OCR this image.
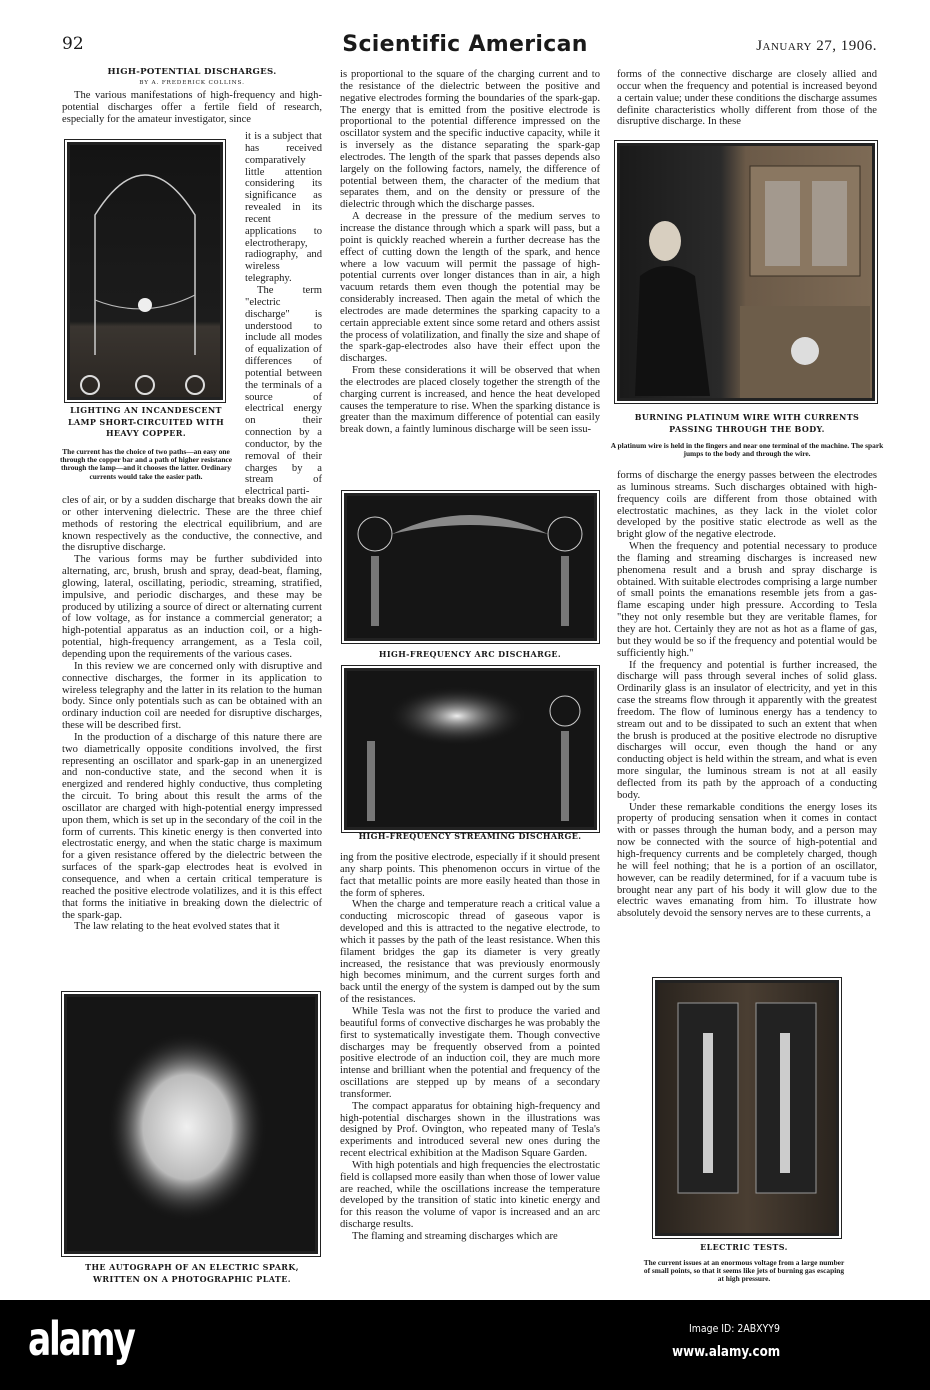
92	Scientific American	January 27, 1906.
HIGH-POTENTIAL DISCHARGES.
BY A. FREDERICK COLLINS.

The various manifestations of high-frequency and high-potential discharges offer a fertile field of research, especially for the amateur investigator, since

it is a subject that has received comparatively little attention considering its significance as revealed in its recent applications to electrotherapy, radiography, and wireless telegraphy.

The term "electric discharge" is understood to include all modes of equalization of differences of potential between the terminals of a source of electrical energy on their connection by a conductor, by the removal of their charges by a stream of electrical parti-

LIGHTING AN INCANDESCENT LAMP SHORT-CIRCUITED WITH HEAVY COPPER.
The current has the choice of two paths—an easy one through the copper bar and a path of higher resistance through the lamp—and it chooses the latter. Ordinary currents would take the easier path.

cles of air, or by a sudden discharge that breaks down the air or other intervening dielectric. These are the three chief methods of restoring the electrical equilibrium, and are known respectively as the conductive, the connective, and the disruptive discharge.

The various forms may be further subdivided into alternating, arc, brush, brush and spray, dead-beat, flaming, glowing, lateral, oscillating, periodic, streaming, stratified, impulsive, and periodic discharges, and these may be produced by utilizing a source of direct or alternating current of low voltage, as for instance a commercial generator; a high-potential apparatus as an induction coil, or a high-potential, high-frequency arrangement, as a Tesla coil, depending upon the requirements of the various cases.

In this review we are concerned only with disruptive and connective discharges, the former in its application to wireless telegraphy and the latter in its relation to the human body. Since only potentials such as can be obtained with an ordinary induction coil are needed for disruptive discharges, these will be described first.

In the production of a discharge of this nature there are two diametrically opposite conditions involved, the first representing an oscillator and spark-gap in an unenergized and non-conductive state, and the second when it is energized and rendered highly conductive, thus completing the circuit. To bring about this result the arms of the oscillator are charged with high-potential energy impressed upon them, which is set up in the secondary of the coil in the form of currents. This kinetic energy is then converted into electrostatic energy, and when the static charge is maximum for a given resistance offered by the dielectric between the surfaces of the spark-gap electrodes heat is evolved in consequence, and when a certain critical temperature is reached the positive electrode volatilizes, and it is this effect that forms the initiative in breaking down the dielectric of the spark-gap.

The law relating to the heat evolved states that it

THE AUTOGRAPH OF AN ELECTRIC SPARK, WRITTEN ON A PHOTOGRAPHIC PLATE.

is proportional to the square of the charging current and to the resistance of the dielectric between the positive and negative electrodes forming the boundaries of the spark-gap. The energy that is emitted from the positive electrode is proportional to the potential difference impressed on the oscillator system and the specific inductive capacity, while it is inversely as the distance separating the spark-gap electrodes. The length of the spark that passes depends also largely on the following factors, namely, the difference of potential between them, the character of the medium that separates them, and on the density or pressure of the dielectric through which the discharge passes.

A decrease in the pressure of the medium serves to increase the distance through which a spark will pass, but a point is quickly reached wherein a further decrease has the effect of cutting down the length of the spark, and hence where a low vacuum will permit the passage of high-potential currents over longer distances than in air, a high vacuum retards them even though the potential may be considerably increased. Then again the metal of which the electrodes are made determines the sparking capacity to a certain appreciable extent since some retard and others assist the process of volatilization, and finally the size and shape of the spark-gap-electrodes also have their effect upon the discharges.

From these considerations it will be observed that when the electrodes are placed closely together the strength of the charging current is increased, and hence the heat developed causes the temperature to rise. When the sparking distance is greater than the maximum difference of potential can easily break down, a faintly luminous discharge will be seen issu-

HIGH-FREQUENCY ARC DISCHARGE.
HIGH-FREQUENCY STREAMING DISCHARGE.

ing from the positive electrode, especially if it should present any sharp points. This phenomenon occurs in virtue of the fact that metallic points are more easily heated than those in the form of spheres.

When the charge and temperature reach a critical value a conducting microscopic thread of gaseous vapor is developed and this is attracted to the negative electrode, to which it passes by the path of the least resistance. When this filament bridges the gap its diameter is very greatly increased, the resistance that was previously enormously high becomes minimum, and the current surges forth and back until the energy of the system is damped out by the sum of the resistances.

While Tesla was not the first to produce the varied and beautiful forms of convective discharges he was probably the first to systematically investigate them. Though convective discharges may be frequently observed from a pointed positive electrode of an induction coil, they are much more intense and brilliant when the potential and frequency of the oscillations are stepped up by means of a secondary transformer.

The compact apparatus for obtaining high-frequency and high-potential discharges shown in the illustrations was designed by Prof. Ovington, who repeated many of Tesla's experiments and introduced several new ones during the recent electrical exhibition at the Madison Square Garden.

With high potentials and high frequencies the electrostatic field is collapsed more easily than when those of lower value are reached, while the oscillations increase the temperature developed by the transition of static into kinetic energy and for this reason the volume of vapor is increased and an arc discharge results.

The flaming and streaming discharges which are

forms of the connective discharge are closely allied and occur when the frequency and potential is increased beyond a certain value; under these conditions the discharge assumes definite characteristics wholly different from those of the disruptive discharge. In these

BURNING PLATINUM WIRE WITH CURRENTS PASSING THROUGH THE BODY.
A platinum wire is held in the fingers and near one terminal of the machine. The spark jumps to the body and through the wire.

forms of discharge the energy passes between the electrodes as luminous streams. Such discharges obtained with high-frequency coils are different from those obtained with electrostatic machines, as they lack in the violet color developed by the positive static electrode as well as the bright glow of the negative electrode.

When the frequency and potential necessary to produce the flaming and streaming discharges is increased new phenomena result and a brush and spray discharge is obtained. With suitable electrodes comprising a large number of small points the emanations resemble jets from a gas-flame escaping under high pressure. According to Tesla "they not only resemble but they are veritable flames, for they are hot. Certainly they are not as hot as a flame of gas, but they would be so if the frequency and potential would be sufficiently high."

If the frequency and potential is further increased, the discharge will pass through several inches of solid glass. Ordinarily glass is an insulator of electricity, and yet in this case the streams flow through it apparently with the greatest freedom. The flow of luminous energy has a tendency to stream out and to be dissipated to such an extent that when the brush is produced at the positive electrode no disruptive discharges will occur, even though the hand or any conducting object is held within the stream, and what is even more singular, the luminous stream is not at all easily deflected from its path by the approach of a conducting body.

Under these remarkable conditions the energy loses its property of producing sensation when it comes in contact with or passes through the human body, and a person may now be connected with the source of high-potential and high-frequency currents and be completely charged, though he will feel nothing; that he is a portion of an oscillator, however, can be readily determined, for if a vacuum tube is brought near any part of his body it will glow due to the electric waves emanating from him. To illustrate how absolutely devoid the sensory nerves are to these currents, a

ELECTRIC TESTS.
The current issues at an enormous voltage from a large number of small points, so that it seems like jets of burning gas escaping at high pressure.
alamy	Image ID: 2ABXYY9
www.alamy.com
